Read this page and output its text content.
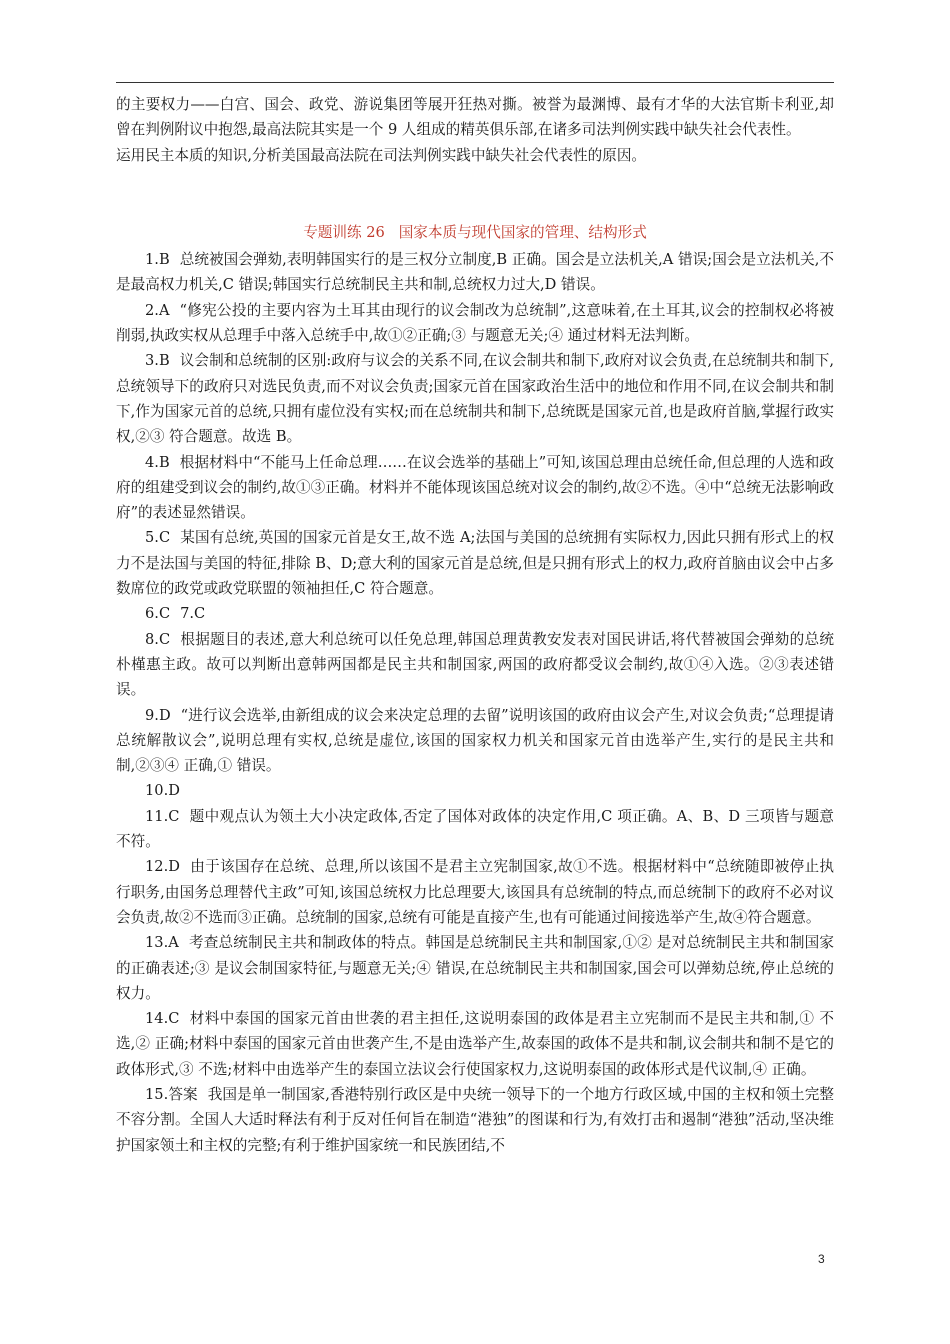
的主要权力——白宫、国会、政党、游说集团等展开狂热对撕。被誉为最渊博、最有才华的大法官斯卡利亚,却曾在判例附议中抱怨,最高法院其实是一个 9 人组成的精英俱乐部,在诸多司法判例实践中缺失社会代表性。

运用民主本质的知识,分析美国最高法院在司法判例实践中缺失社会代表性的原因。

专题训练 26 国家本质与现代国家的管理、结构形式

1.B 总统被国会弹劾,表明韩国实行的是三权分立制度,B 正确。国会是立法机关,A 错误;国会是立法机关,不是最高权力机关,C 错误;韩国实行总统制民主共和制,总统权力过大,D 错误。

2.A “修宪公投的主要内容为土耳其由现行的议会制改为总统制”,这意味着,在土耳其,议会的控制权必将被削弱,执政实权从总理手中落入总统手中,故①②正确;③ 与题意无关;④ 通过材料无法判断。

3.B 议会制和总统制的区别:政府与议会的关系不同,在议会制共和制下,政府对议会负责,在总统制共和制下,总统领导下的政府只对选民负责,而不对议会负责;国家元首在国家政治生活中的地位和作用不同,在议会制共和制下,作为国家元首的总统,只拥有虚位没有实权;而在总统制共和制下,总统既是国家元首,也是政府首脑,掌握行政实权,②③ 符合题意。故选 B。

4.B 根据材料中“不能马上任命总理……在议会选举的基础上”可知,该国总理由总统任命,但总理的人选和政府的组建受到议会的制约,故①③正确。材料并不能体现该国总统对议会的制约,故②不选。④中“总统无法影响政府”的表述显然错误。

5.C 某国有总统,英国的国家元首是女王,故不选 A;法国与美国的总统拥有实际权力,因此只拥有形式上的权力不是法国与美国的特征,排除 B、D;意大利的国家元首是总统,但是只拥有形式上的权力,政府首脑由议会中占多数席位的政党或政党联盟的领袖担任,C 符合题意。

6.C 7.C

8.C 根据题目的表述,意大利总统可以任免总理,韩国总理黄教安发表对国民讲话,将代替被国会弹劾的总统朴槿惠主政。故可以判断出意韩两国都是民主共和制国家,两国的政府都受议会制约,故①④入选。②③表述错误。

9.D “进行议会选举,由新组成的议会来决定总理的去留”说明该国的政府由议会产生,对议会负责;“总理提请总统解散议会”,说明总理有实权,总统是虚位,该国的国家权力机关和国家元首由选举产生,实行的是民主共和制,②③④ 正确,① 错误。

10.D

11.C 题中观点认为领土大小决定政体,否定了国体对政体的决定作用,C 项正确。A、B、D 三项皆与题意不符。

12.D 由于该国存在总统、总理,所以该国不是君主立宪制国家,故①不选。根据材料中“总统随即被停止执行职务,由国务总理替代主政”可知,该国总统权力比总理要大,该国具有总统制的特点,而总统制下的政府不必对议会负责,故②不选而③正确。总统制的国家,总统有可能是直接产生,也有可能通过间接选举产生,故④符合题意。

13.A 考查总统制民主共和制政体的特点。韩国是总统制民主共和制国家,①② 是对总统制民主共和制国家的正确表述;③ 是议会制国家特征,与题意无关;④ 错误,在总统制民主共和制国家,国会可以弹劾总统,停止总统的权力。

14.C 材料中泰国的国家元首由世袭的君主担任,这说明泰国的政体是君主立宪制而不是民主共和制,① 不选,② 正确;材料中泰国的国家元首由世袭产生,不是由选举产生,故泰国的政体不是共和制,议会制共和制不是它的政体形式,③ 不选;材料中由选举产生的泰国立法议会行使国家权力,这说明泰国的政体形式是代议制,④ 正确。

15.答案 我国是单一制国家,香港特别行政区是中央统一领导下的一个地方行政区域,中国的主权和领土完整不容分割。全国人大适时释法有利于反对任何旨在制造“港独”的图谋和行为,有效打击和遏制“港独”活动,坚决维护国家领土和主权的完整;有利于维护国家统一和民族团结,不

3
